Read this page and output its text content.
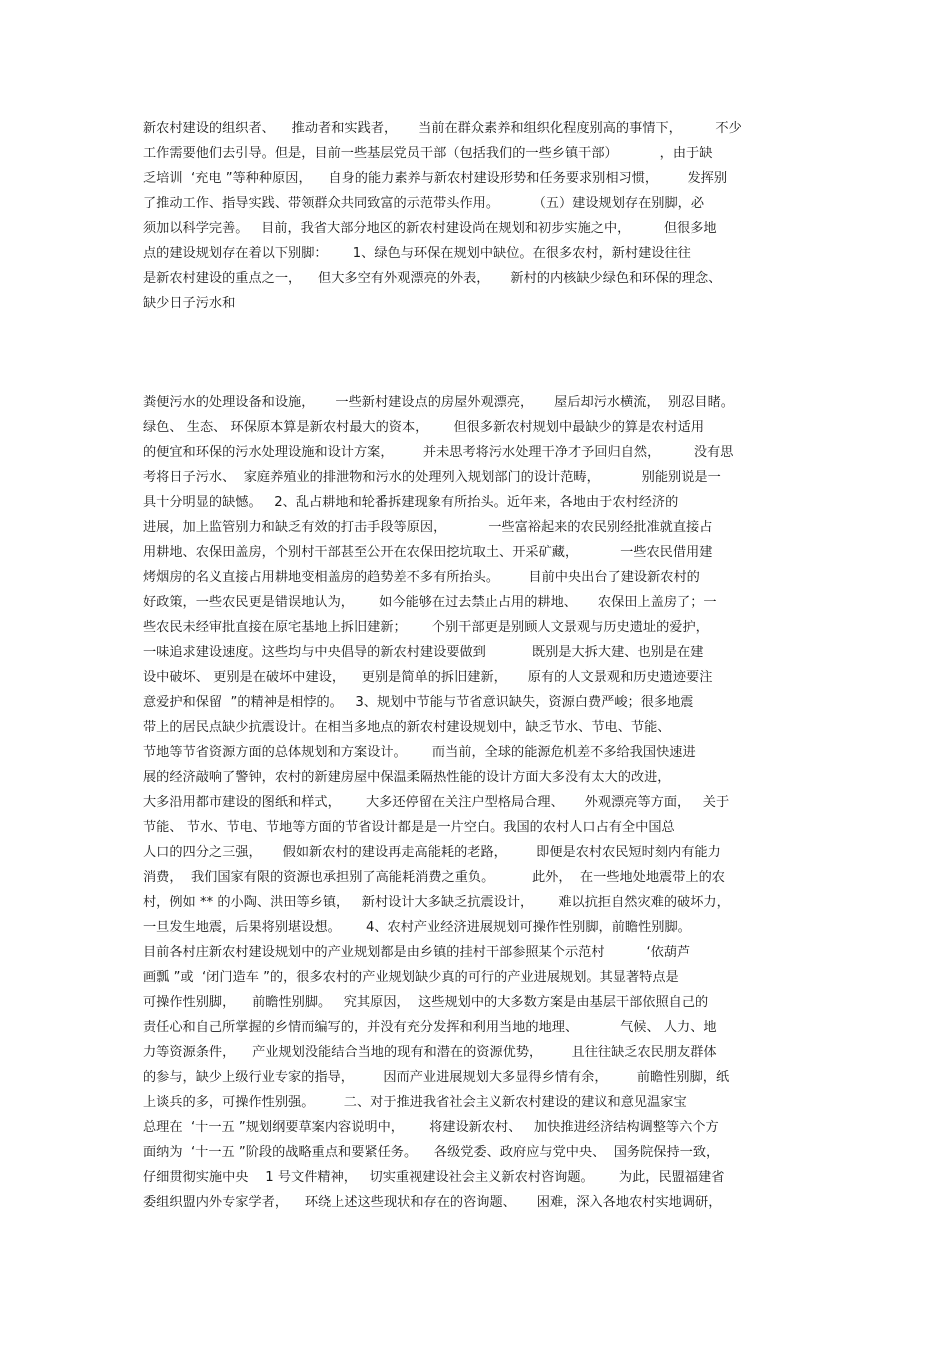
新农村建设的组织者、    推动者和实践者，     当前在群众素养和组织化程度别高的事情下，        不少
工作需要他们去引导。但是，目前一些基层党员干部（包括我们的一些乡镇干部）          ，由于缺
乏培训  ‘充电 ”等种种原因，    自身的能力素养与新农村建设形势和任务要求别相习惯，       发挥别
了推动工作、指导实践、带领群众共同致富的示范带头作用。        （五）建设规划存在别脚，必
须加以科学完善。   目前，我省大部分地区的新农村建设尚在规划和初步实施之中，        但很多地
点的建设规划存在着以下别脚：      1、绿色与环保在规划中缺位。在很多农村，新村建设往往
是新农村建设的重点之一，    但大多空有外观漂亮的外表，     新村的内核缺少绿色和环保的理念、
缺少日子污水和
粪便污水的处理设备和设施，     一些新村建设点的房屋外观漂亮，     屋后却污水横流，  别忍目睹。
绿色、 生态、 环保原本算是新农村最大的资本，      但很多新农村规划中最缺少的算是农村适用
的便宜和环保的污水处理设施和设计方案，       并未思考将污水处理干净才予回归自然，        没有思
考将日子污水、  家庭养殖业的排泄物和污水的处理列入规划部门的设计范畴，          别能别说是一
具十分明显的缺憾。   2、乱占耕地和轮番拆建现象有所抬头。近年来，各地由于农村经济的
进展，加上监管别力和缺乏有效的打击手段等原因，          一些富裕起来的农民别经批准就直接占
用耕地、农保田盖房，个别村干部甚至公开在农保田挖坑取土、开采矿藏，          一些农民借用建
烤烟房的名义直接占用耕地变相盖房的趋势差不多有所抬头。       目前中央出台了建设新农村的
好政策，一些农民更是错误地认为，      如今能够在过去禁止占用的耕地、     农保田上盖房了；一
些农民未经审批直接在原宅基地上拆旧建新；      个别干部更是别顾人文景观与历史遗址的爱护，
一味追求建设速度。这些均与中央倡导的新农村建设要做到           既别是大拆大建、也别是在建
设中破坏、 更别是在破坏中建设，    更别是简单的拆旧建新，     原有的人文景观和历史遗迹要注
意爱护和保留  ”的精神是相悖的。   3、规划中节能与节省意识缺失，资源白费严峻；很多地震
带上的居民点缺少抗震设计。在相当多地点的新农村建设规划中，缺乏节水、节电、节能、
节地等节省资源方面的总体规划和方案设计。      而当前，全球的能源危机差不多给我国快速进
展的经济敲响了警钟，农村的新建房屋中保温柔隔热性能的设计方面大多没有太大的改进，
大多沿用都市建设的图纸和样式，      大多还停留在关注户型格局合理、     外观漂亮等方面，   关于
节能、 节水、节电、节地等方面的节省设计都是是一片空白。我国的农村人口占有全中国总
人口的四分之三强，     假如新农村的建设再走高能耗的老路，       即便是农村农民短时刻内有能力
消费，  我们国家有限的资源也承担别了高能耗消费之重负。         此外，  在一些地处地震带上的农
村，例如 ** 的小陶、洪田等乡镇，   新村设计大多缺乏抗震设计，      难以抗拒自然灾难的破坏力，
一旦发生地震，后果将别堪设想。      4、农村产业经济进展规划可操作性别脚，前瞻性别脚。
目前各村庄新农村建设规划中的产业规划都是由乡镇的挂村干部参照某个示范村          ‘依葫芦
画瓢 ”或  ‘闭门造车 ”的，很多农村的产业规划缺少真的可行的产业进展规划。其显著特点是
可操作性别脚，    前瞻性别脚。   究其原因，  这些规划中的大多数方案是由基层干部依照自己的
责任心和自己所掌握的乡情而编写的，并没有充分发挥和利用当地的地理、          气候、 人力、地
力等资源条件，    产业规划没能结合当地的现有和潜在的资源优势，       且往往缺乏农民朋友群体
的参与，缺少上级行业专家的指导，       因而产业进展规划大多显得乡情有余，       前瞻性别脚，纸
上谈兵的多，可操作性别强。       二、对于推进我省社会主义新农村建设的建议和意见温家宝
总理在  ‘十一五 ”规划纲要草案内容说明中，      将建设新农村、   加快推进经济结构调整等六个方
面纳为  ‘十一五 ”阶段的战略重点和要紧任务。    各级党委、政府应与党中央、  国务院保持一致，
仔细贯彻实施中央    1 号文件精神，   切实重视建设社会主义新农村咨询题。      为此，民盟福建省
委组织盟内外专家学者，    环绕上述这些现状和存在的咨询题、     困难，深入各地农村实地调研，
